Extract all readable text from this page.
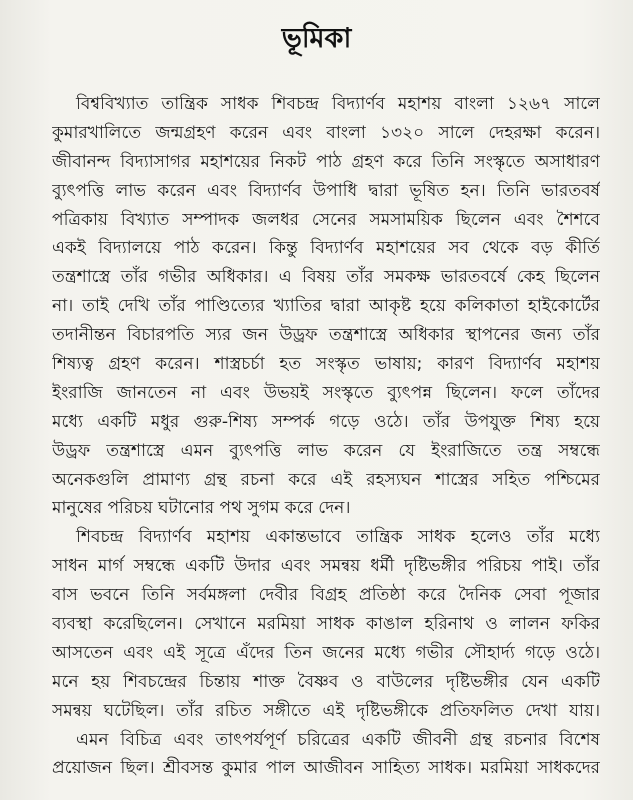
ভূমিকা
বিশ্ববিখ্যাত তান্ত্রিক সাধক শিবচন্দ্র বিদ্যার্ণব মহাশয় বাংলা ১২৬৭ সালে
কুমারখালিতে জন্মগ্রহণ করেন এবং বাংলা ১৩২০ সালে দেহরক্ষা করেন।
জীবানন্দ বিদ্যাসাগর মহাশয়ের নিকট পাঠ গ্রহণ করে তিনি সংস্কৃতে অসাধারণ
ব্যুৎপত্তি লাভ করেন এবং বিদ্যার্ণব উপাধি দ্বারা ভূষিত হন। তিনি ভারতবর্ষ
পত্রিকায় বিখ্যাত সম্পাদক জলধর সেনের সমসাময়িক ছিলেন এবং শৈশবে
একই বিদ্যালয়ে পাঠ করেন। কিন্তু বিদ্যার্ণব মহাশয়ের সব থেকে বড় কীর্তি
তন্ত্রশাস্ত্রে তাঁর গভীর অধিকার। এ বিষয় তাঁর সমকক্ষ ভারতবর্ষে কেহ ছিলেন
না। তাই দেখি তাঁর পাণ্ডিত্যের খ্যাতির দ্বারা আকৃষ্ট হয়ে কলিকাতা হাইকোর্টের
তদানীন্তন বিচারপতি স্যর জন উড্রফ তন্ত্রশাস্ত্রে অধিকার স্থাপনের জন্য তাঁর
শিষ্যত্ব গ্রহণ করেন। শাস্ত্রচর্চা হত সংস্কৃত ভাষায়; কারণ বিদ্যার্ণব মহাশয়
ইংরাজি জানতেন না এবং উভয়ই সংস্কৃতে ব্যুৎপন্ন ছিলেন। ফলে তাঁদের
মধ্যে একটি মধুর গুরু-শিষ্য সম্পর্ক গড়ে ওঠে। তাঁর উপযুক্ত শিষ্য হয়ে
উড্রফ তন্ত্রশাস্ত্রে এমন ব্যুৎপত্তি লাভ করেন যে ইংরাজিতে তন্ত্র সম্বন্ধে
অনেকগুলি প্রামাণ্য গ্রন্থ রচনা করে এই রহস্যঘন শাস্ত্রের সহিত পশ্চিমের
মানুষের পরিচয় ঘটানোর পথ সুগম করে দেন।
শিবচন্দ্র বিদ্যার্ণব মহাশয় একান্তভাবে তান্ত্রিক সাধক হলেও তাঁর মধ্যে
সাধন মার্গ সম্বন্ধে একটি উদার এবং সমন্বয় ধর্মী দৃষ্টিভঙ্গীর পরিচয় পাই। তাঁর
বাস ভবনে তিনি সর্বমঙ্গলা দেবীর বিগ্রহ প্রতিষ্ঠা করে দৈনিক সেবা পূজার
ব্যবস্থা করেছিলেন। সেখানে মরমিয়া সাধক কাঙাল হরিনাথ ও লালন ফকির
আসতেন এবং এই সূত্রে এঁদের তিন জনের মধ্যে গভীর সৌহার্দ্য গড়ে ওঠে।
মনে হয় শিবচন্দ্রের চিন্তায় শাক্ত বৈষ্ণব ও বাউলের দৃষ্টিভঙ্গীর যেন একটি
সমন্বয় ঘটেছিল। তাঁর রচিত সঙ্গীতে এই দৃষ্টিভঙ্গীকে প্রতিফলিত দেখা যায়।
এমন বিচিত্র এবং তাৎপর্যপূর্ণ চরিত্রের একটি জীবনী গ্রন্থ রচনার বিশেষ
প্রয়োজন ছিল। শ্রীবসন্ত কুমার পাল আজীবন সাহিত্য সাধক। মরমিয়া সাধকদের
